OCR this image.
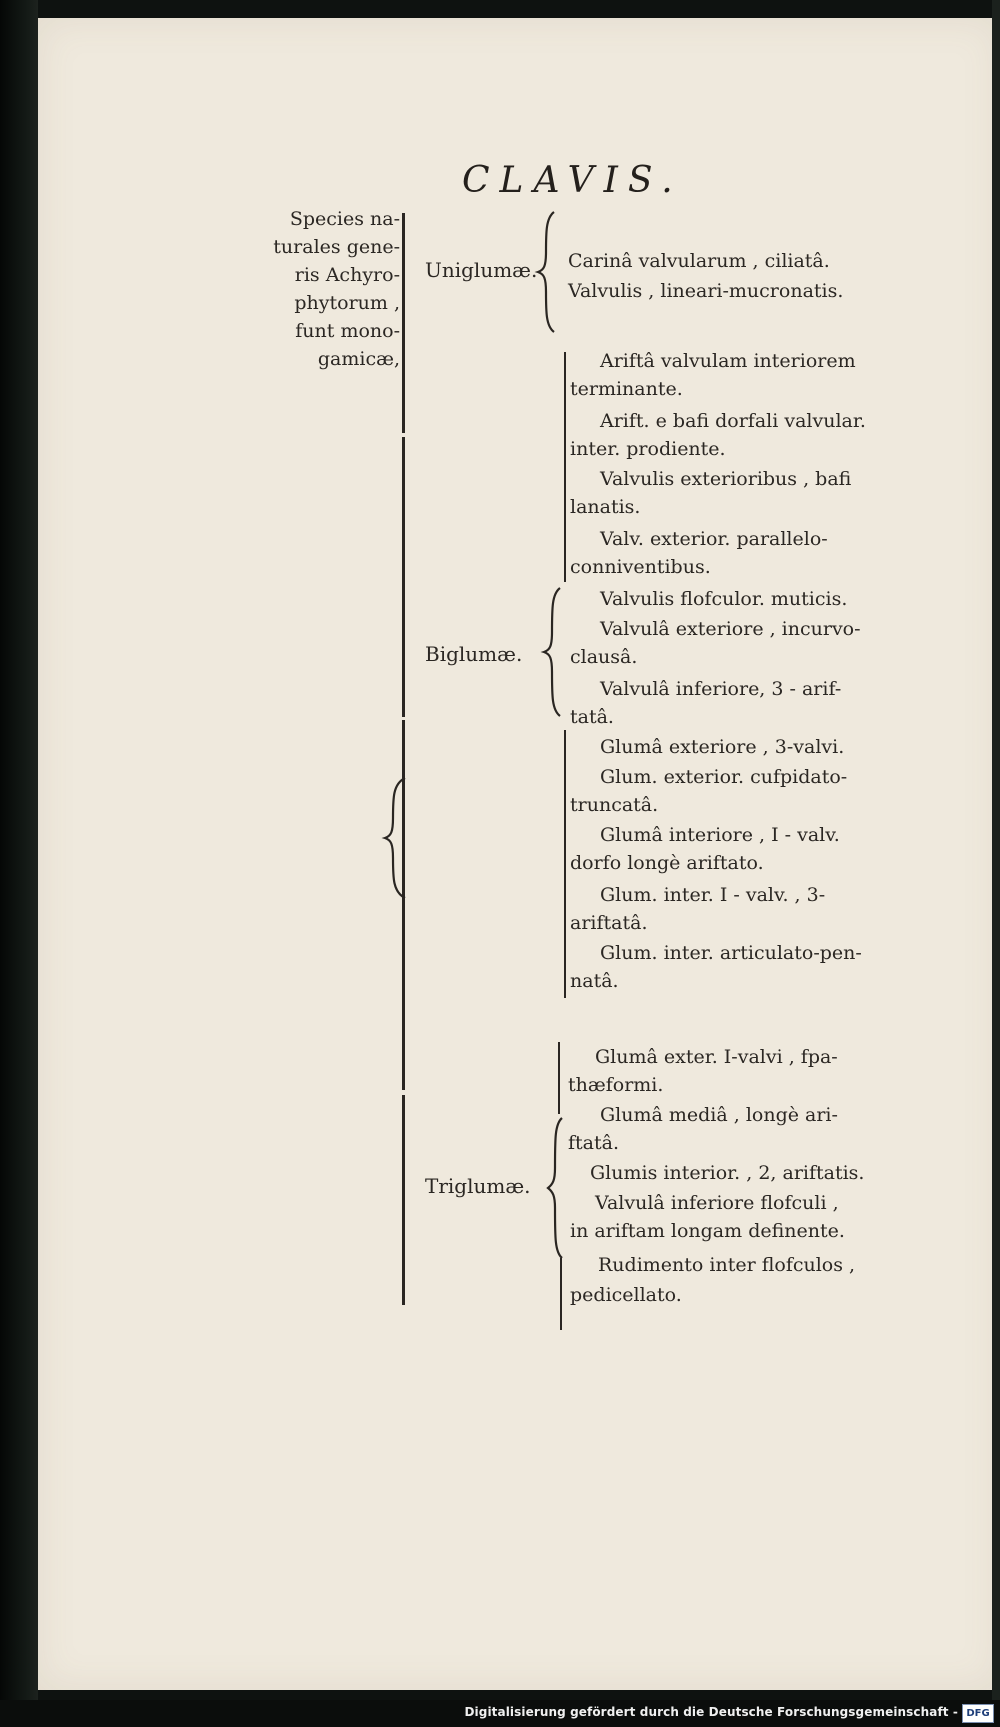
CLAVIS.
Species na-
turales gene-
ris Achyro-
phytorum ,
funt mono-
gamicæ,
Uniglumæ. Carinâ valvularum , ciliatâ.
Valvulis , lineari-mucronatis.
Ariftâ valvulam interiorem
terminante.
Arift. e bafi dorfali valvular.
inter. prodiente.
Valvulis exterioribus , bafi
lanatis.
Valv. exterior. parallelo-
conniventibus.
Biglumæ.
Valvulis flofculor. muticis.
Valvulâ exteriore , incurvo-
clausâ.
Valvulâ inferiore, 3 - arif-
tatâ.
Glumâ exteriore , 3-valvi.
Glum. exterior. cufpidato-
truncatâ.
Glumâ interiore , I - valv.
dorfo longè ariftato.
Glum. inter. I - valv. , 3-
ariftatâ.
Glum. inter. articulato-pen-
natâ.
Glumâ exter. I-valvi , fpa-
thæformi.
Glumâ mediâ , longè ari-
Triglumæ.
ftatâ.
Glumis interior. , 2, ariftatis.
Valvulâ inferiore flofculi ,
in ariftam longam definente.
Rudimento inter flofculos ,
pedicellato.
Digitalisierung gefördert durch die Deutsche Forschungsgemeinschaft - DFG
